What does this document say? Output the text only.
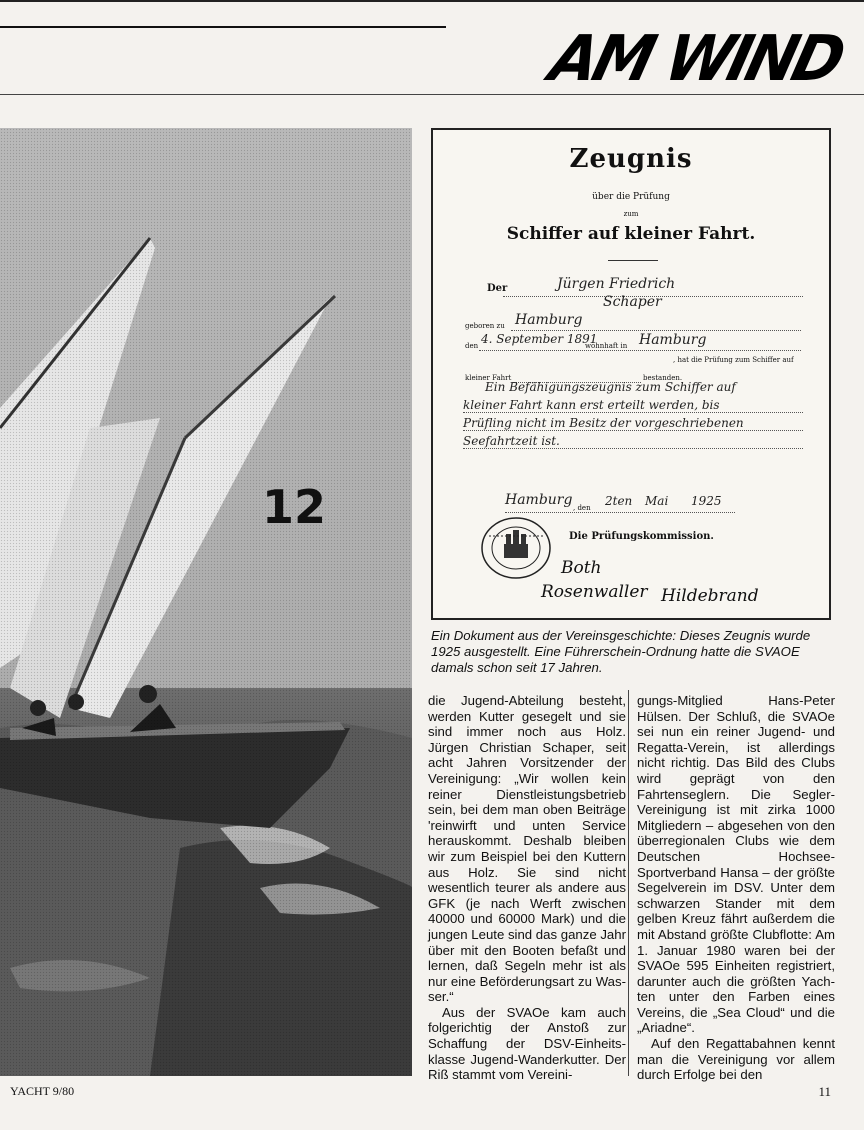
AM WIND
Zeugnis
über die Prüfung
zum
Schiffer auf kleiner Fahrt.
Der	Jürgen Friedrich
Schaper
geboren zu Hamburg
den 4. September 1891
wohnhaft in Hamburg
, hat die Prüfung zum Schiffer auf
kleiner Fahrt	bestanden.
Ein Befähigungszeugnis zum Schiffer auf
kleiner Fahrt kann erst erteilt werden, bis
Prüfling nicht im Besitz der vorgeschriebenen
Seefahrtzeit ist.
Hamburg , den 2ten Mai 1925
Die Prüfungskommission.
Both
Rosenwaller Hildebrand
Ein Dokument aus der Vereinsgeschichte: Dieses Zeugnis wurde 1925 ausgestellt. Eine Führerschein-Ordnung hatte die SVAOE damals schon seit 17 Jahren.

die Jugend-Abteilung besteht, werden Kutter gesegelt und sie sind immer noch aus Holz. Jürgen Christian Schaper, seit acht Jahren Vorsitzender der Vereinigung: „Wir wollen kein reiner Dienstleistungsbetrieb sein, bei dem man oben Beiträge 'reinwirft und unten Service herauskommt. Deshalb bleiben wir zum Beispiel bei den Kuttern aus Holz. Sie sind nicht wesentlich teurer als andere aus GFK (je nach Werft zwischen 40000 und 60000 Mark) und die jungen Leute sind das ganze Jahr über mit den Booten befaßt und lernen, daß Segeln mehr ist als nur eine Beförderungsart zu Wasser.“

Aus der SVAOe kam auch folgerichtig der Anstoß zur Schaffung der DSV-Einheitsklasse Jugend-Wanderkutter. Der Riß stammt vom Vereini-

gungs-Mitglied Hans-Peter Hülsen. Der Schluß, die SVAOe sei nun ein reiner Jugend- und Regatta-Verein, ist allerdings nicht richtig. Das Bild des Clubs wird geprägt von den Fahrtenseglern. Die Segler-Vereinigung ist mit zirka 1000 Mitgliedern – abgesehen von den überregionalen Clubs wie dem Deutschen Hochsee-Sportverband Hansa – der größte Segelverein im DSV. Unter dem schwarzen Stander mit dem gelben Kreuz fährt außerdem die mit Abstand größte Clubflotte: Am 1. Januar 1980 waren bei der SVAOe 595 Einheiten registriert, darunter auch die größten Yachten unter den Farben eines Vereins, die „Sea Cloud“ und die „Ariadne“.

Auf den Regattabahnen kennt man die Vereinigung vor allem durch Erfolge bei den

YACHT 9/80	11
